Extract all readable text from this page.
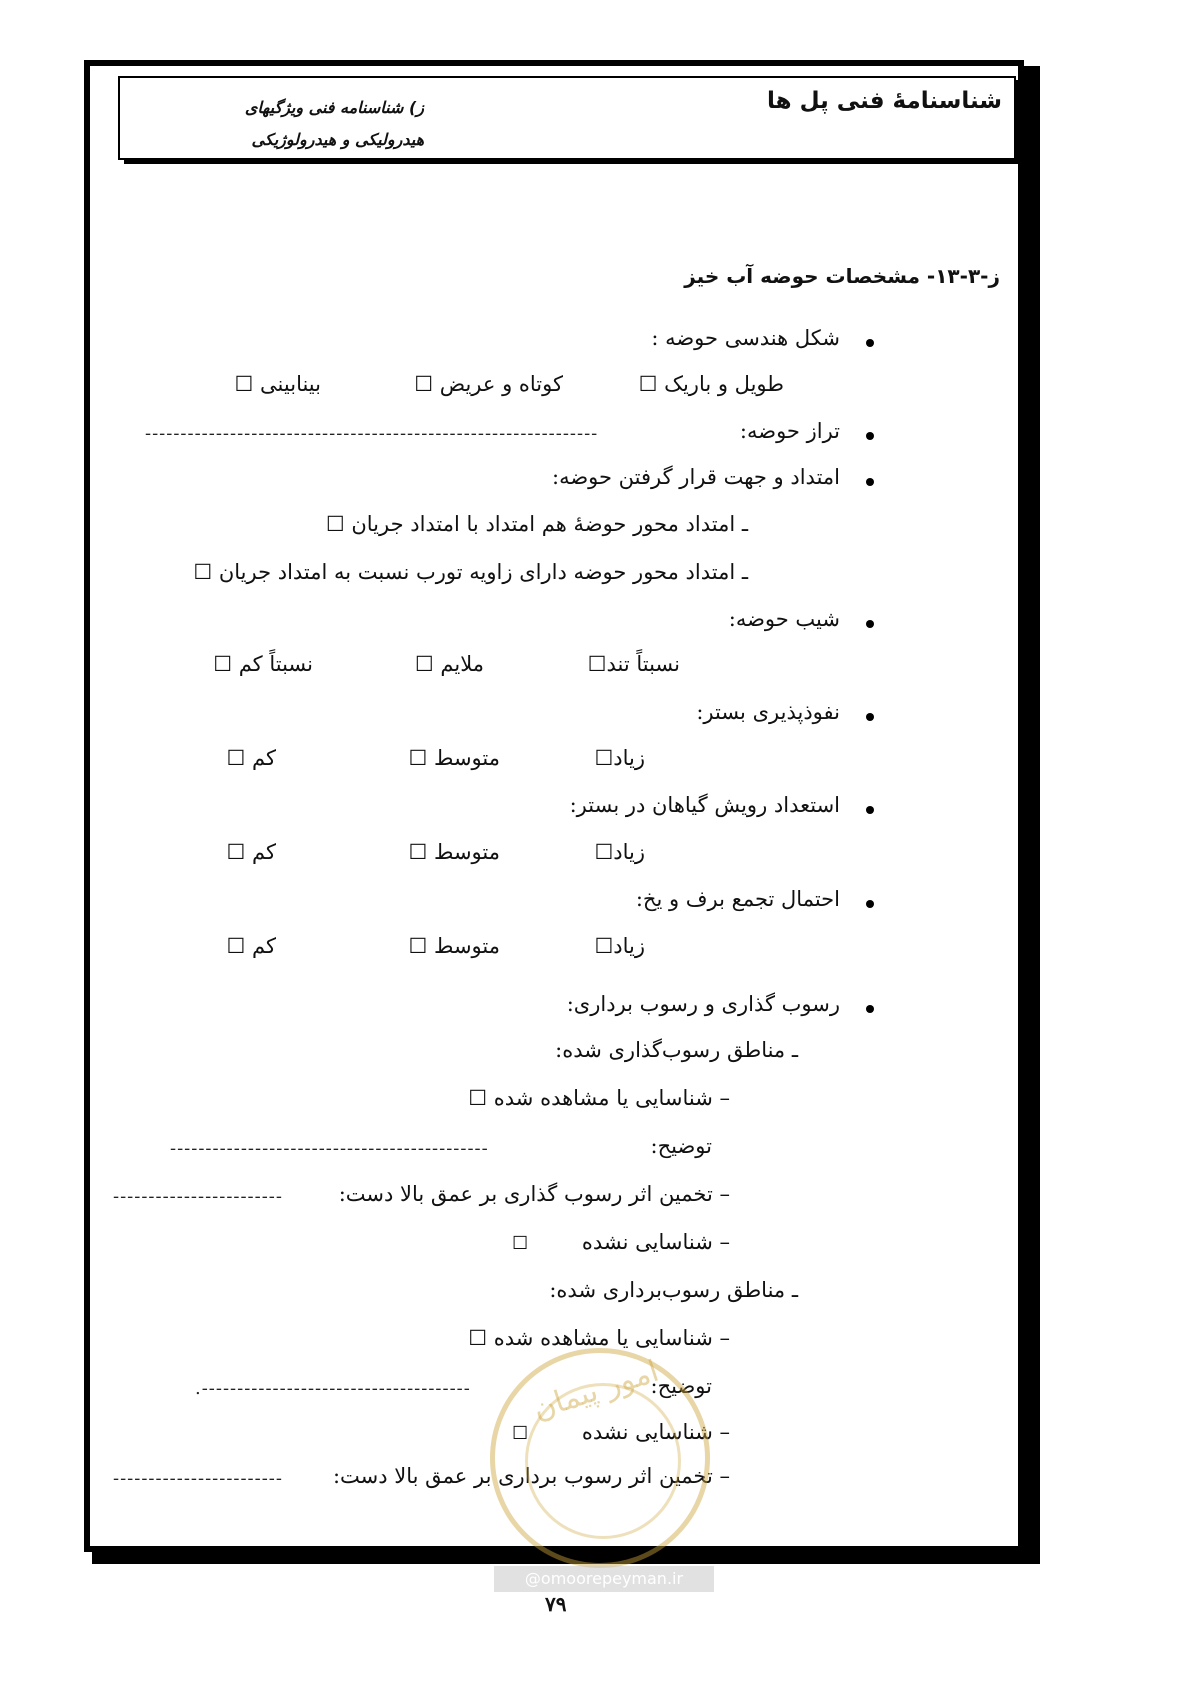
شناسنامۀ فنی پل ها
ز) شناسنامه فنی ویژگیهای
هیدرولیکی و هیدرولوژیکی
ز-۳-۱۳- مشخصات حوضه آب خیز
شکل هندسی حوضه :
طویل و باریک ☐
کوتاه و عریض ☐
بینابینی ☐
تراز حوضه:
----------------------------------------------------------------
امتداد و جهت قرار گرفتن حوضه:
ـ امتداد محور حوضۀ هم امتداد با امتداد جریان ☐
ـ امتداد محور حوضه دارای زاویه تورب نسبت به امتداد جریان ☐
شیب حوضه:
نسبتاً تند☐
ملایم ☐
نسبتاً کم ☐
نفوذپذیری بستر:
زیاد☐
متوسط ☐
کم ☐
استعداد رویش گیاهان در بستر:
زیاد☐
متوسط ☐
کم ☐
احتمال تجمع برف و یخ:
زیاد☐
متوسط ☐
کم ☐
رسوب گذاری و رسوب برداری:
ـ مناطق رسوب‌گذاری شده:
– شناسایی یا مشاهده شده ☐
توضیح:
---------------------------------------------
– تخمین اثر رسوب گذاری بر عمق بالا دست:
------------------------
– شناسایی نشده
☐
ـ مناطق رسوب‌برداری شده:
– شناسایی یا مشاهده شده ☐
توضیح:
.--------------------------------------
– شناسایی نشده
☐
– تخمین اثر رسوب برداری بر عمق بالا دست:
------------------------
امور پیمان
@omoorepeyman.ir
۷۹
